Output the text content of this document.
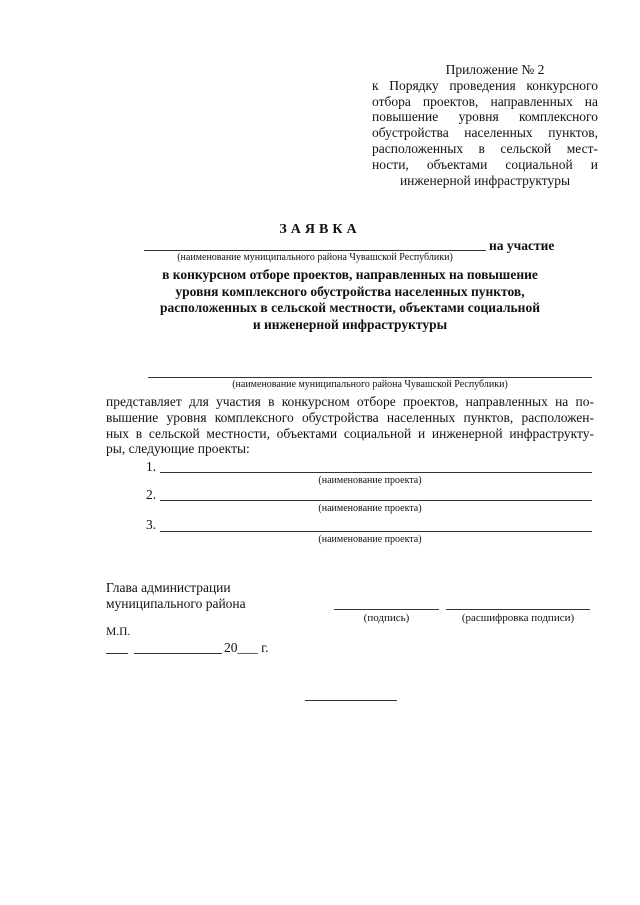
Приложение № 2
к Порядку проведения конкурсного
отбора проектов, направленных на
повышение уровня комплексного
обустройства населенных пунктов,
расположенных в сельской мест-
ности, объектами социальной и
инженерной инфраструктуры
ЗАЯВКА
на участие
(наименование муниципального района Чувашской Республики)
в конкурсном отборе проектов, направленных на повышение
уровня комплексного обустройства населенных пунктов,
расположенных в сельской местности, объектами социальной
и инженерной инфраструктуры
(наименование муниципального района Чувашской Республики)
представляет для участия в конкурсном отборе проектов, направленных на по-
вышение уровня комплексного обустройства населенных пунктов, расположен-
ных в сельской местности, объектами социальной и инженерной инфраструкту-
ры, следующие проекты:
1.
(наименование проекта)
2.
(наименование проекта)
3.
(наименование проекта)
Глава администрации
муниципального района
(подпись)	(расшифровка подписи)
М.П.
20___ г.
